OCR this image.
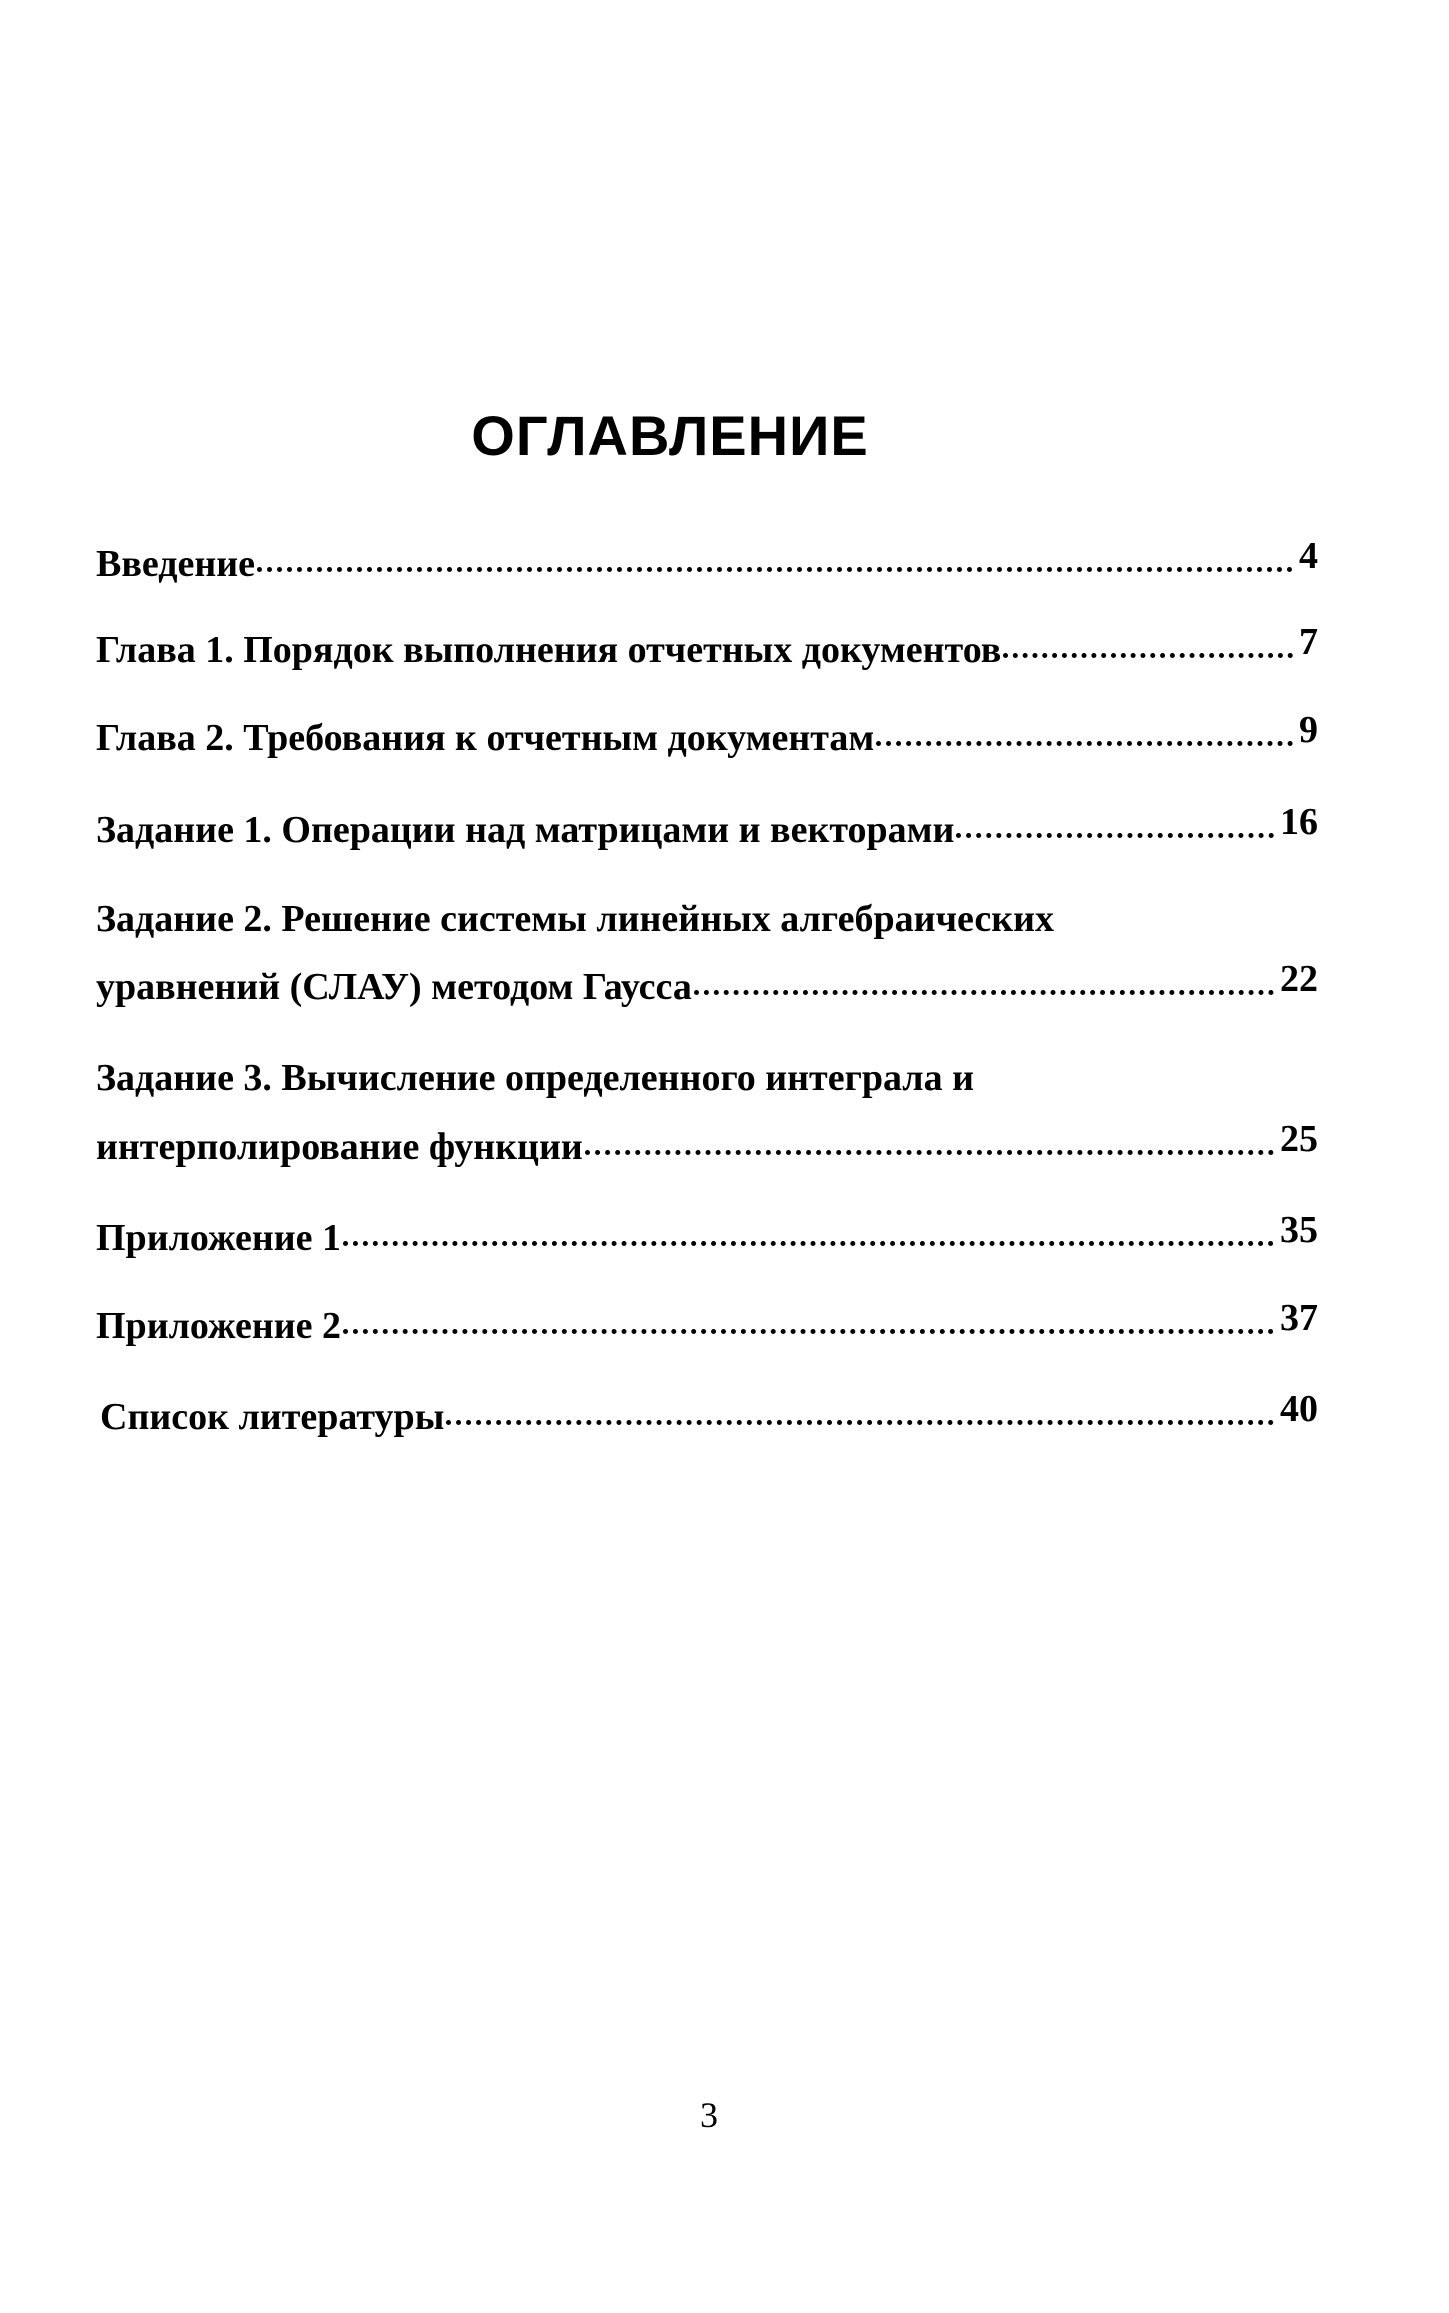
ОГЛАВЛЕНИЕ
Введение	4
Глава 1. Порядок выполнения отчетных документов	7
Глава 2. Требования к отчетным документам	9
Задание 1. Операции над матрицами и векторами	16
Задание 2. Решение системы линейных алгебраических
уравнений (СЛАУ) методом Гаусса	22
Задание 3. Вычисление определенного интеграла и
интерполирование функции	25
Приложение 1	35
Приложение 2	37
Список литературы	40
3
